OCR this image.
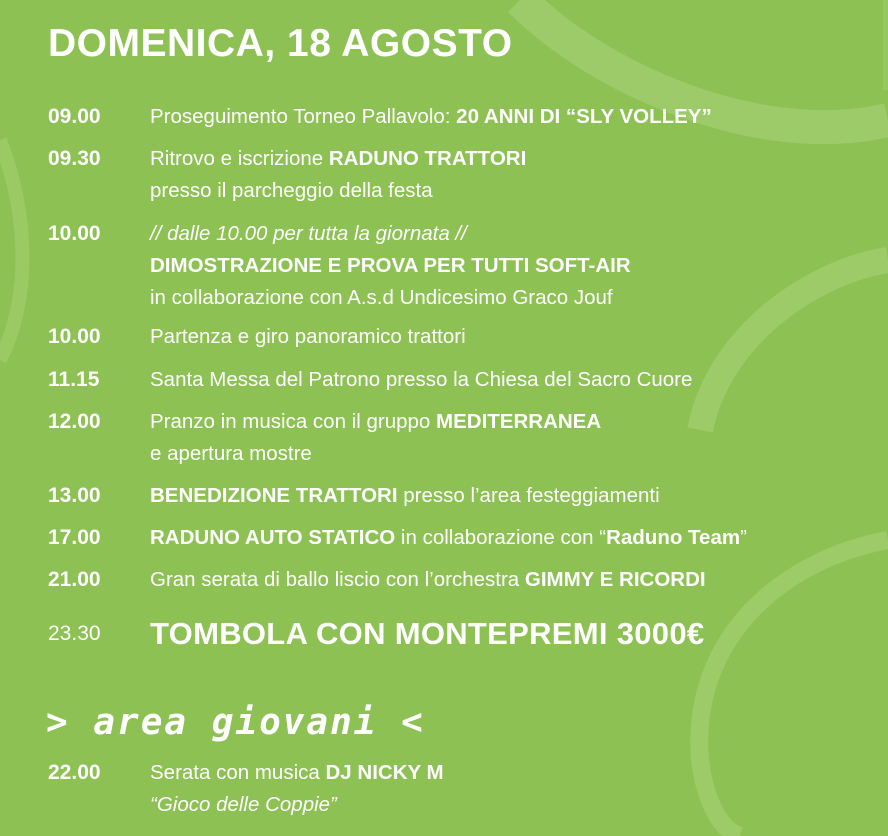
DOMENICA, 18 AGOSTO
09.00 Proseguimento Torneo Pallavolo: 20 ANNI DI “SLY VOLLEY”
09.30 Ritrovo e iscrizione RADUNO TRATTORI
presso il parcheggio della festa
10.00 // dalle 10.00 per tutta la giornata //
DIMOSTRAZIONE E PROVA PER TUTTI SOFT-AIR
in collaborazione con A.s.d Undicesimo Graco Jouf
10.00 Partenza e giro panoramico trattori
11.15 Santa Messa del Patrono presso la Chiesa del Sacro Cuore
12.00 Pranzo in musica con il gruppo MEDITERRANEA
e apertura mostre
13.00 BENEDIZIONE TRATTORI presso l’area festeggiamenti
17.00 RADUNO AUTO STATICO in collaborazione con “Raduno Team”
21.00 Gran serata di ballo liscio con l’orchestra GIMMY E RICORDI
23.30 TOMBOLA CON MONTEPREMI 3000€
> area giovani <
22.00 Serata con musica DJ NICKY M
“Gioco delle Coppie”
